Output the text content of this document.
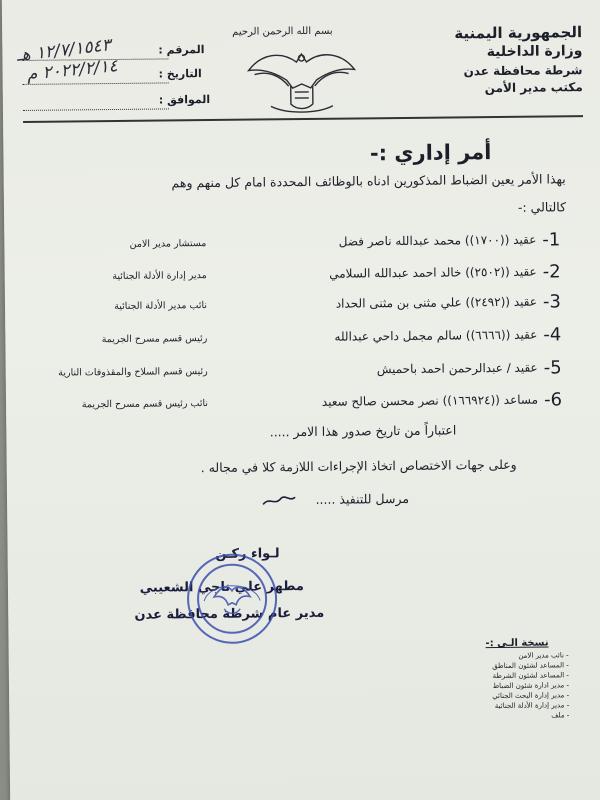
الجمهورية اليمنية
وزارة الداخلية
شرطة محافظة عدن
مكتب مدير الأمن
بسم الله الرحمن الرحيم
المرقم :
التاريخ :
الموافق :
١٢/٧/١٥٤٣ هـ
٢٠٢٢/٢/١٤ م
أمر إداري :-
بهذا الأمر يعين الضباط المذكورين ادناه بالوظائف المحددة امام كل منهم وهم
كالتالي :-
1-
عقيد ((١٧٠٠)) محمد عبدالله ناصر فضل
مستشار مدير الامن
2-
عقيد ((٢٥٠٢)) خالد احمد عبدالله السلامي
مدير إدارة الأدلة الجنائية
3-
عقيد ((٢٤٩٢)) علي مثنى بن مثنى الحداد
نائب مدير الأدلة الجنائية
4-
عقيد ((٦٦٦٦)) سالم مجمل داحي عبدالله
رئيس قسم مسرح الجريمة
5-
عقيد / عبدالرحمن احمد باحميش
رئيس قسم السلاح والمقذوفات النارية
6-
مساعد ((١٦٦٩٢٤)) نصر محسن صالح سعيد
نائب رئيس قسم مسرح الجريمة
اعتباراً من تاريخ صدور هذا الامر .....
وعلى جهات الاختصاص اتخاذ الإجراءات اللازمة كلا في مجاله .
مرسل للتنفيذ .....
لـواء ركـن
مطهر علي ناجي الشعيبي
مدير عام شرطة محافظة عدن
نسخة الـى :-
- نائب مدير الامن
- المساعد لشئون المناطق
- المساعد لشئون الشرطة
- مدير ادارة شئون الضباط
- مدير إدارة البحث الجنائي
- مدير إدارة الأدلة الجنائية
- ملف
